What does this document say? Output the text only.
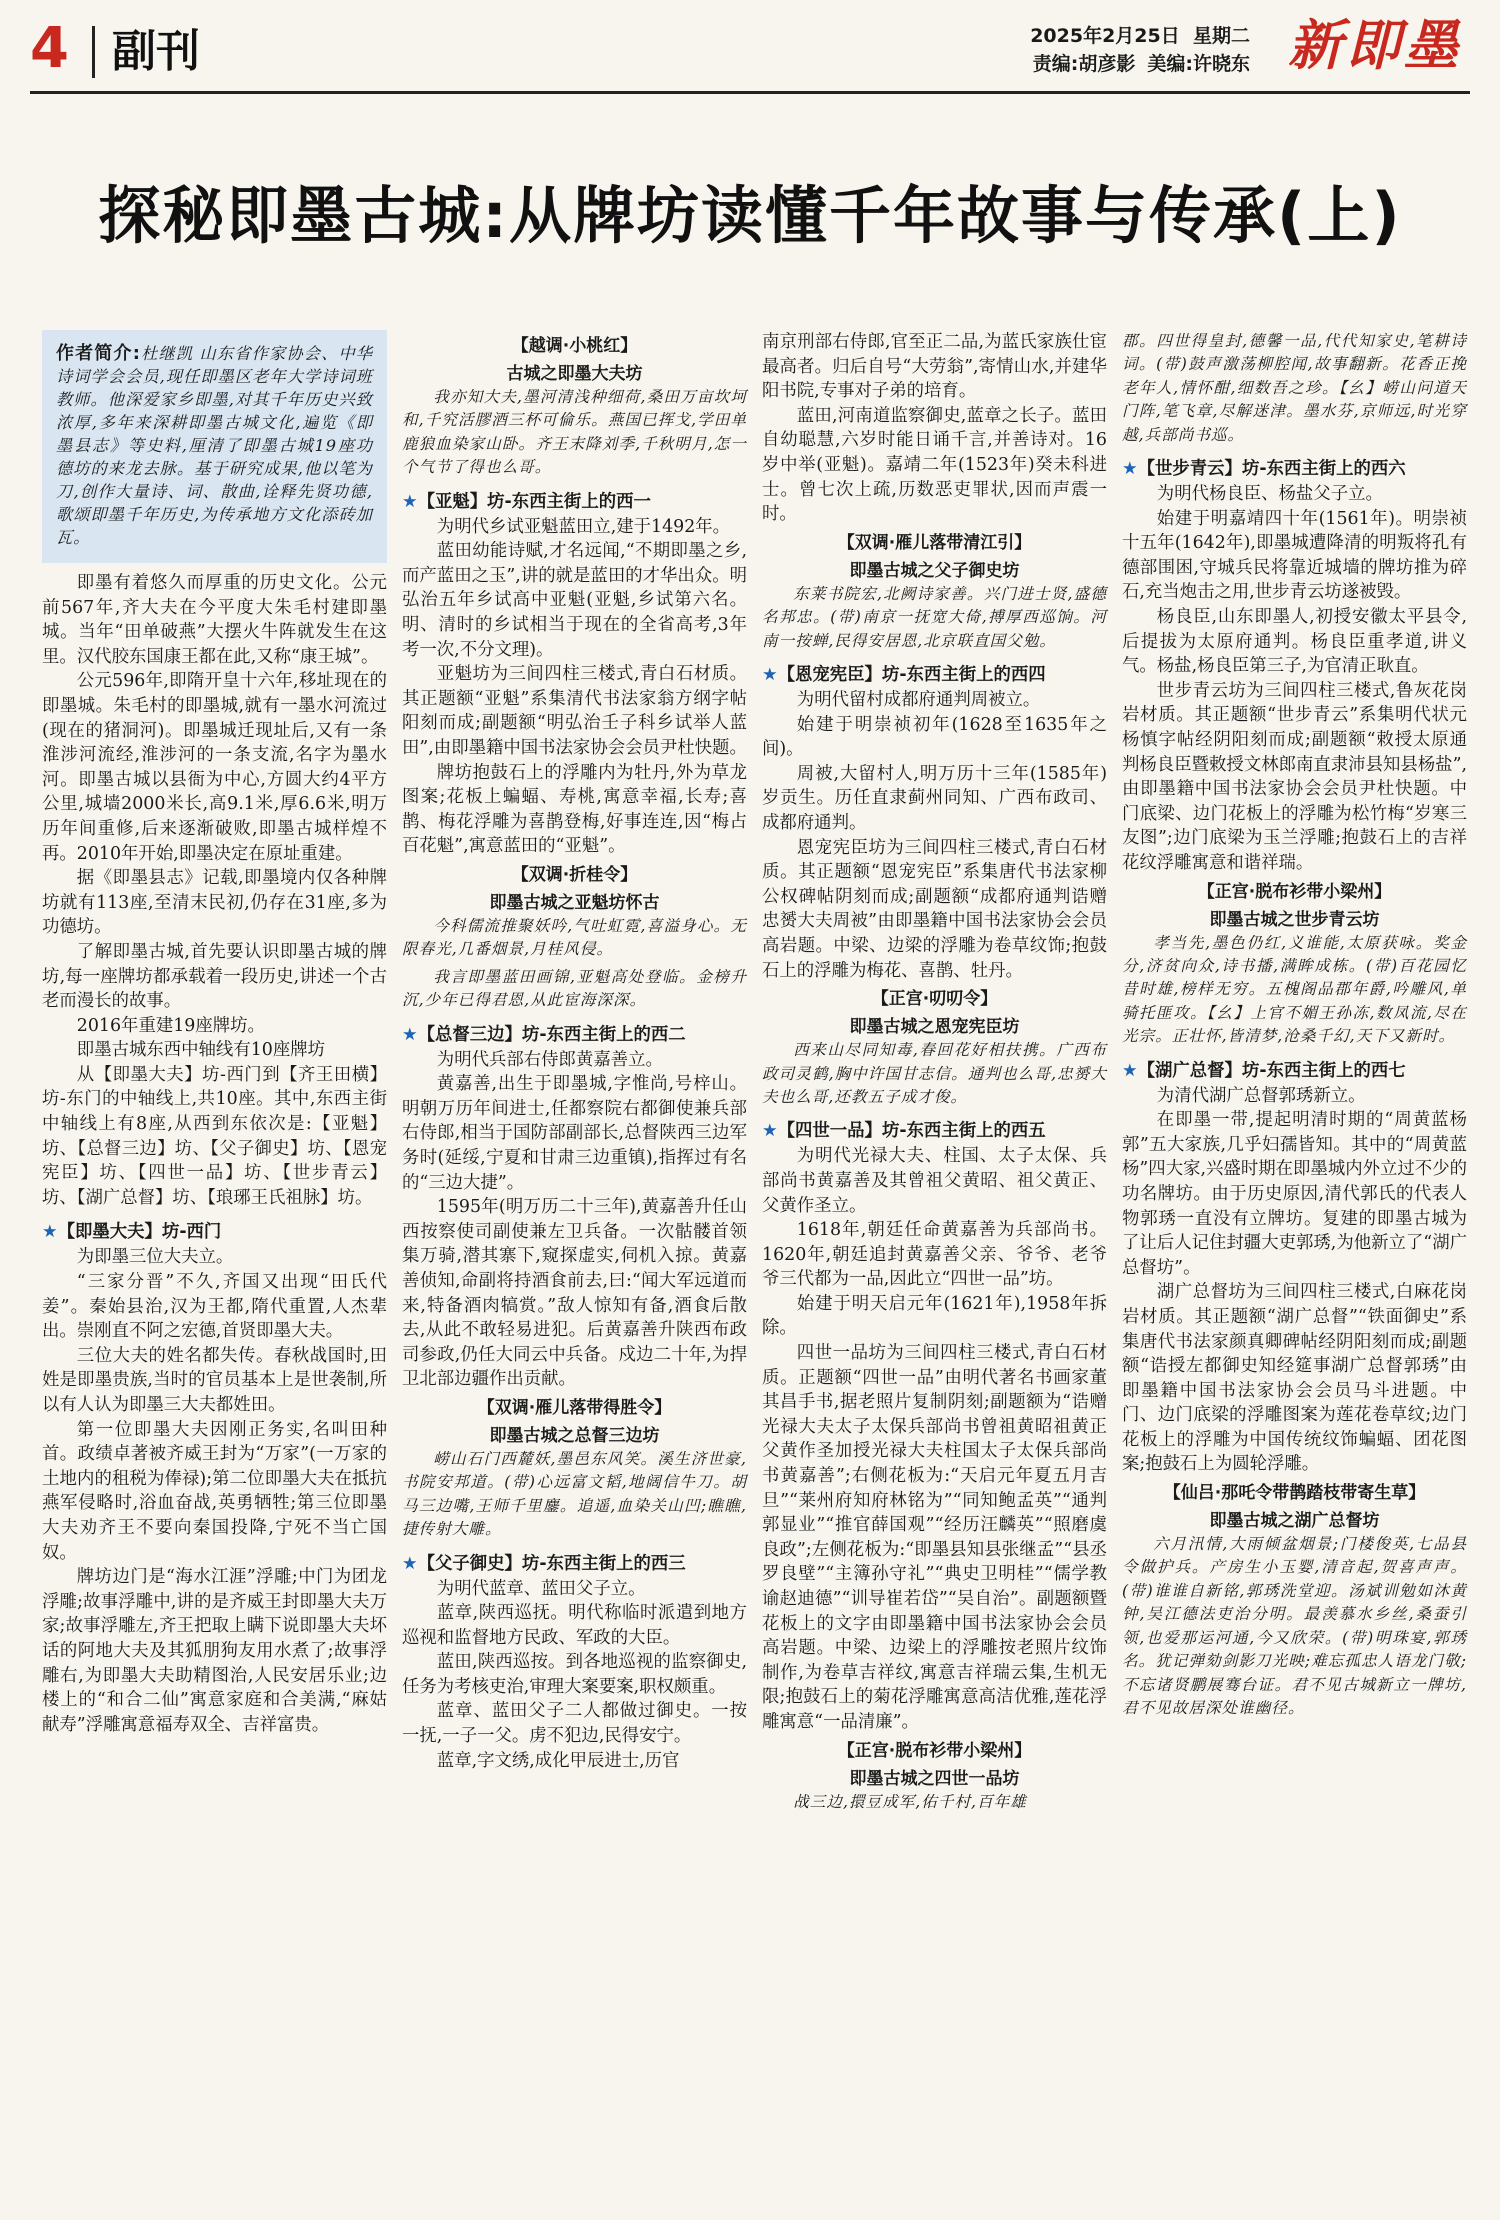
4 副刊	2025年2月25日 星期二
责编:胡彦影 美编:许晓东 新即墨
探秘即墨古城:从牌坊读懂千年故事与传承(上)
作者简介:杜继凯 山东省作家协会、中华诗词学会会员,现任即墨区老年大学诗词班教师。他深爱家乡即墨,对其千年历史兴致浓厚,多年来深耕即墨古城文化,遍览《即墨县志》等史料,厘清了即墨古城19座功德坊的来龙去脉。基于研究成果,他以笔为刀,创作大量诗、词、散曲,诠释先贤功德,歌颂即墨千年历史,为传承地方文化添砖加瓦。

即墨有着悠久而厚重的历史文化。公元前567年,齐大夫在今平度大朱毛村建即墨城。当年“田单破燕”大摆火牛阵就发生在这里。汉代胶东国康王都在此,又称“康王城”。

公元596年,即隋开皇十六年,移址现在的即墨城。朱毛村的即墨城,就有一墨水河流过(现在的猪洞河)。即墨城迁现址后,又有一条淮涉河流经,淮涉河的一条支流,名字为墨水河。即墨古城以县衙为中心,方圆大约4平方公里,城墙2000米长,高9.1米,厚6.6米,明万历年间重修,后来逐渐破败,即墨古城样煌不再。2010年开始,即墨决定在原址重建。

据《即墨县志》记载,即墨境内仅各种牌坊就有113座,至清末民初,仍存在31座,多为功德坊。

了解即墨古城,首先要认识即墨古城的牌坊,每一座牌坊都承载着一段历史,讲述一个古老而漫长的故事。

2016年重建19座牌坊。

即墨古城东西中轴线有10座牌坊

从【即墨大夫】坊-西门到【齐王田横】坊-东门的中轴线上,共10座。其中,东西主街中轴线上有8座,从西到东依次是:【亚魁】坊、【总督三边】坊、【父子御史】坊、【恩宠宪臣】坊、【四世一品】坊、【世步青云】坊、【湖广总督】坊、【琅琊王氏祖脉】坊。

★【即墨大夫】坊-西门

为即墨三位大夫立。

“三家分晋”不久,齐国又出现“田氏代姜”。秦始县治,汉为王都,隋代重置,人杰辈出。崇刚直不阿之宏德,首贤即墨大夫。

三位大夫的姓名都失传。春秋战国时,田姓是即墨贵族,当时的官员基本上是世袭制,所以有人认为即墨三大夫都姓田。

第一位即墨大夫因刚正务实,名叫田种首。政绩卓著被齐威王封为“万家”(一万家的土地内的租税为俸禄);第二位即墨大夫在抵抗燕军侵略时,浴血奋战,英勇牺牲;第三位即墨大夫劝齐王不要向秦国投降,宁死不当亡国奴。

牌坊边门是“海水江涯”浮雕;中门为团龙浮雕;故事浮雕中,讲的是齐威王封即墨大夫万家;故事浮雕左,齐王把取上瞒下说即墨大夫坏话的阿地大夫及其狐朋狗友用水煮了;故事浮雕右,为即墨大夫助精图治,人民安居乐业;边楼上的“和合二仙”寓意家庭和合美满,“麻姑献寿”浮雕寓意福寿双全、吉祥富贵。

【越调·小桃红】
古城之即墨大夫坊

我亦知大夫,墨河清浅种细荷,桑田万亩坎坷和,千究活膠酒三杯可倫乐。燕国已挥戈,学田单鹿狼血染家山卧。齐王末降刘季,千秋明月,怎一个气节了得也么哥。

★【亚魁】坊-东西主街上的西一

为明代乡试亚魁蓝田立,建于1492年。

蓝田幼能诗赋,才名远闻,“不期即墨之乡,而产蓝田之玉”,讲的就是蓝田的才华出众。明弘治五年乡试高中亚魁(亚魁,乡试第六名。明、清时的乡试相当于现在的全省高考,3年考一次,不分文理)。

亚魁坊为三间四柱三楼式,青白石材质。其正题额“亚魁”系集清代书法家翁方纲字帖阳刻而成;副题额“明弘治壬子科乡试举人蓝田”,由即墨籍中国书法家协会会员尹杜快题。

牌坊抱鼓石上的浮雕内为牡丹,外为草龙图案;花板上蝙蝠、寿桃,寓意幸福,长寿;喜鹊、梅花浮雕为喜鹊登梅,好事连连,因“梅占百花魁”,寓意蓝田的“亚魁”。

【双调·折桂令】
即墨古城之亚魁坊怀古

今科儒流推聚妖吟,气吐虹霓,喜溢身心。无限春光,几番烟景,月桂风侵。

我言即墨蓝田画锦,亚魁高处登临。金榜升沉,少年已得君恩,从此宦海深深。

★【总督三边】坊-东西主街上的西二

为明代兵部右侍郎黄嘉善立。

黄嘉善,出生于即墨城,字惟尚,号梓山。明朝万历年间进士,任都察院右都御使兼兵部右侍郎,相当于国防部副部长,总督陕西三边军务时(延绥,宁夏和甘肃三边重镇),指挥过有名的“三边大捷”。

1595年(明万历二十三年),黄嘉善升任山西按察使司副使兼左卫兵备。一次骷髅首领集万骑,潜其寨下,窥探虚实,伺机入掠。黄嘉善侦知,命副将持酒食前去,曰:“闻大军远道而来,特备酒肉犒赏。”敌人惊知有备,酒食后散去,从此不敢轻易进犯。后黄嘉善升陕西布政司参政,仍任大同云中兵备。戍边二十年,为捍卫北部边疆作出贡献。

【双调·雁儿落带得胜令】
即墨古城之总督三边坊

崂山石门西麓妖,墨邑东风笑。溪生济世豪,书院安邦道。(带)心远富文韬,地阔信牛刀。胡马三边嘴,王师千里鏖。追遥,血染关山凹;瞧瞧,捷传射大雕。

★【父子御史】坊-东西主街上的西三

为明代蓝章、蓝田父子立。

蓝章,陕西巡抚。明代称临时派遣到地方巡视和监督地方民政、军政的大臣。

蓝田,陕西巡按。到各地巡视的监察御史,任务为考核吏治,审理大案要案,职权颇重。

蓝章、蓝田父子二人都做过御史。一按一抚,一子一父。虏不犯边,民得安宁。

蓝章,字文绣,成化甲辰进士,历官

南京刑部右侍郎,官至正二品,为蓝氏家族仕宦最高者。归后自号“大劳翁”,寄情山水,并建华阳书院,专事对子弟的培育。

蓝田,河南道监察御史,蓝章之长子。蓝田自幼聪慧,六岁时能日诵千言,并善诗对。16岁中举(亚魁)。嘉靖二年(1523年)癸未科进士。曾七次上疏,历数恶吏罪状,因而声震一时。

【双调·雁儿落带清江引】
即墨古城之父子御史坊

东莱书院宏,北阙诗家善。兴门进士贤,盛德名邦忠。(带)南京一抚宽大倚,搏厚西巡饷。河南一按蝉,民得安居恩,北京联直国父勉。

★【恩宠宪臣】坊-东西主街上的西四

为明代留村成都府通判周被立。

始建于明崇祯初年(1628至1635年之间)。

周被,大留村人,明万历十三年(1585年)岁贡生。历任直隶蓟州同知、广西布政司、成都府通判。

恩宠宪臣坊为三间四柱三楼式,青白石材质。其正题额“恩宠宪臣”系集唐代书法家柳公权碑帖阴刻而成;副题额“成都府通判诰赠忠赟大夫周被”由即墨籍中国书法家协会会员高岩题。中梁、边梁的浮雕为卷草纹饰;抱鼓石上的浮雕为梅花、喜鹊、牡丹。

【正宫·叨叨令】
即墨古城之恩宠宪臣坊

西来山尽同知毒,春回花好相扶携。广西布政司灵鹤,胸中许国甘志信。通判也么哥,忠赟大夫也么哥,还教五子成才俊。

★【四世一品】坊-东西主街上的西五

为明代光禄大夫、柱国、太子太保、兵部尚书黄嘉善及其曾祖父黄昭、祖父黄正、父黄作圣立。

1618年,朝廷任命黄嘉善为兵部尚书。1620年,朝廷追封黄嘉善父亲、爷爷、老爷爷三代都为一品,因此立“四世一品”坊。

始建于明天启元年(1621年),1958年拆除。

四世一品坊为三间四柱三楼式,青白石材质。正题额“四世一品”由明代著名书画家董其昌手书,据老照片复制阴刻;副题额为“诰赠光禄大夫太子太保兵部尚书曾祖黄昭祖黄正父黄作圣加授光禄大夫柱国太子太保兵部尚书黄嘉善”;右侧花板为:“天启元年夏五月吉旦”“莱州府知府林铭为”“同知鲍孟英”“通判郭显业”“推官薛国观”“经历汪麟英”“照磨虞良政”;左侧花板为:“即墨县知县张继孟”“县丞罗良壁”“主簿孙守礼”“典史卫明桂”“儒学教谕赵迪德”“训导崔若岱”“吴自治”。副题额暨花板上的文字由即墨籍中国书法家协会会员高岩题。中梁、边梁上的浮雕按老照片纹饰制作,为卷草吉祥纹,寓意吉祥瑞云集,生机无限;抱鼓石上的菊花浮雕寓意高洁优雅,莲花浮雕寓意“一品清廉”。

【正宫·脱布衫带小梁州】
即墨古城之四世一品坊

战三边,擐豆成军,佑千村,百年雄

郡。四世得皇封,德馨一品,代代知家史,笔耕诗词。(带)鼓声激荡柳腔闻,故事翻新。花香正挽老年人,情怀酣,细数吾之珍。【幺】崂山问道天门阵,笔飞章,尽解迷津。墨水芬,京师远,时光穿越,兵部尚书巡。

★【世步青云】坊-东西主街上的西六

为明代杨良臣、杨盐父子立。

始建于明嘉靖四十年(1561年)。明崇祯十五年(1642年),即墨城遭降清的明叛将孔有德部围困,守城兵民将靠近城墙的牌坊推为碎石,充当炮击之用,世步青云坊遂被毁。

杨良臣,山东即墨人,初授安徽太平县令,后提拔为太原府通判。杨良臣重孝道,讲义气。杨盐,杨良臣第三子,为官清正耿直。

世步青云坊为三间四柱三楼式,鲁灰花岗岩材质。其正题额“世步青云”系集明代状元杨慎字帖经阴阳刻而成;副题额“敕授太原通判杨良臣暨敕授文林郎南直隶沛县知县杨盐”,由即墨籍中国书法家协会会员尹杜快题。中门底梁、边门花板上的浮雕为松竹梅“岁寒三友图”;边门底梁为玉兰浮雕;抱鼓石上的吉祥花纹浮雕寓意和谐祥瑞。

【正宫·脱布衫带小梁州】
即墨古城之世步青云坊

孝当先,墨色仍红,义谁能,太原获咏。奖金分,济贫向众,诗书播,满眸成栋。(带)百花园忆昔时雄,榜样无穷。五槐阁品郡年爵,吟雕风,单骑托匪攻。【幺】上官不媚王孙冻,数凤流,尽在光宗。正壮怀,皆清梦,沧桑千幻,天下又新时。

★【湖广总督】坊-东西主街上的西七

为清代湖广总督郭琇新立。

在即墨一带,提起明清时期的“周黄蓝杨郭”五大家族,几乎妇孺皆知。其中的“周黄蓝杨”四大家,兴盛时期在即墨城内外立过不少的功名牌坊。由于历史原因,清代郭氏的代表人物郭琇一直没有立牌坊。复建的即墨古城为了让后人记住封疆大吏郭琇,为他新立了“湖广总督坊”。

湖广总督坊为三间四柱三楼式,白麻花岗岩材质。其正题额“湖广总督”“铁面御史”系集唐代书法家颜真卿碑帖经阴阳刻而成;副题额“诰授左都御史知经筵事湖广总督郭琇”由即墨籍中国书法家协会会员马斗进题。中门、边门底梁的浮雕图案为莲花卷草纹;边门花板上的浮雕为中国传统纹饰蝙蝠、团花图案;抱鼓石上为圆轮浮雕。

【仙吕·那吒令带鹊踏枝带寄生草】
即墨古城之湖广总督坊

六月汛情,大雨倾盆烟景;门楼俊英,七品县令做护兵。产房生小玉婴,清音起,贺喜声声。(带)谁谁自新铭,郭琇洗堂迎。汤斌训勉如沐黄钟,吴江德法吏治分明。最羡慕水乡丝,桑蚕引领,也爱那运河通,今又欣荣。(带)明珠宴,郭琇名。犹记弹劾剑影刀光映;难忘孤忠人语龙门敬;不忘诸贤鹏展骞台证。君不见古城新立一牌坊,君不见故居深处谁幽径。
